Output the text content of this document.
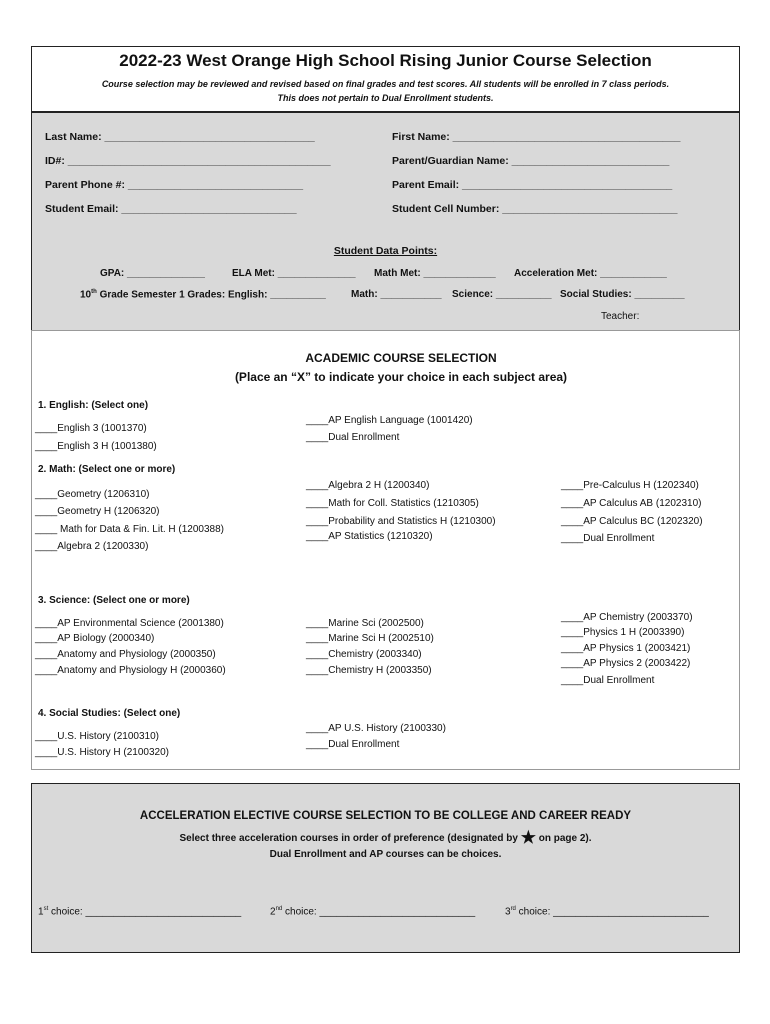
2022-23 West Orange High School Rising Junior Course Selection
Course selection may be reviewed and revised based on final grades and test scores. All students will be enrolled in 7 class periods.
This does not pertain to Dual Enrollment students.
Last Name: ____________________________________	First Name: _______________________________________
ID#: _____________________________________________	Parent/Guardian Name: ___________________________
Parent Phone #: ______________________________	Parent Email: ____________________________________
Student Email: ______________________________	Student Cell Number: ______________________________
Student Data Points:
GPA: ______________	ELA Met: ______________ Math Met: _____________ Acceleration Met: ____________
10th Grade Semester 1 Grades: English: __________	Math: ___________ Science: __________ Social Studies: _________
Teacher:
ACADEMIC COURSE SELECTION
(Place an “X” to indicate your choice in each subject area)
1. English: (Select one)
____English 3 (1001370)
____English 3 H (1001380)
____AP English Language (1001420)
____Dual Enrollment
2. Math: (Select one or more)
____Geometry (1206310)
____Geometry H (1206320)
____ Math for Data & Fin. Lit. H (1200388)
____Algebra 2 (1200330)
____Algebra 2 H (1200340)
____Math for Coll. Statistics (1210305)
____Probability and Statistics H (1210300)
____AP Statistics (1210320)
____Pre-Calculus H (1202340)
____AP Calculus AB (1202310)
____AP Calculus BC (1202320)
____Dual Enrollment
3. Science: (Select one or more)
____AP Environmental Science (2001380)
____AP Biology (2000340)
____Anatomy and Physiology (2000350)
____Anatomy and Physiology H (2000360)
____Marine Sci (2002500)
____Marine Sci H (2002510)
____Chemistry (2003340)
____Chemistry H (2003350)
____AP Chemistry (2003370)
____Physics 1 H (2003390)
____AP Physics 1 (2003421)
____AP Physics 2 (2003422)
____Dual Enrollment
4. Social Studies: (Select one)
____U.S. History (2100310)
____U.S. History H (2100320)
____AP U.S. History (2100330)
____Dual Enrollment
ACCELERATION ELECTIVE COURSE SELECTION TO BE COLLEGE AND CAREER READY
Select three acceleration courses in order of preference (designated by ★ on page 2).
Dual Enrollment and AP courses can be choices.
1st choice: ____________________________	2nd choice: ____________________________	3rd choice: ____________________________
